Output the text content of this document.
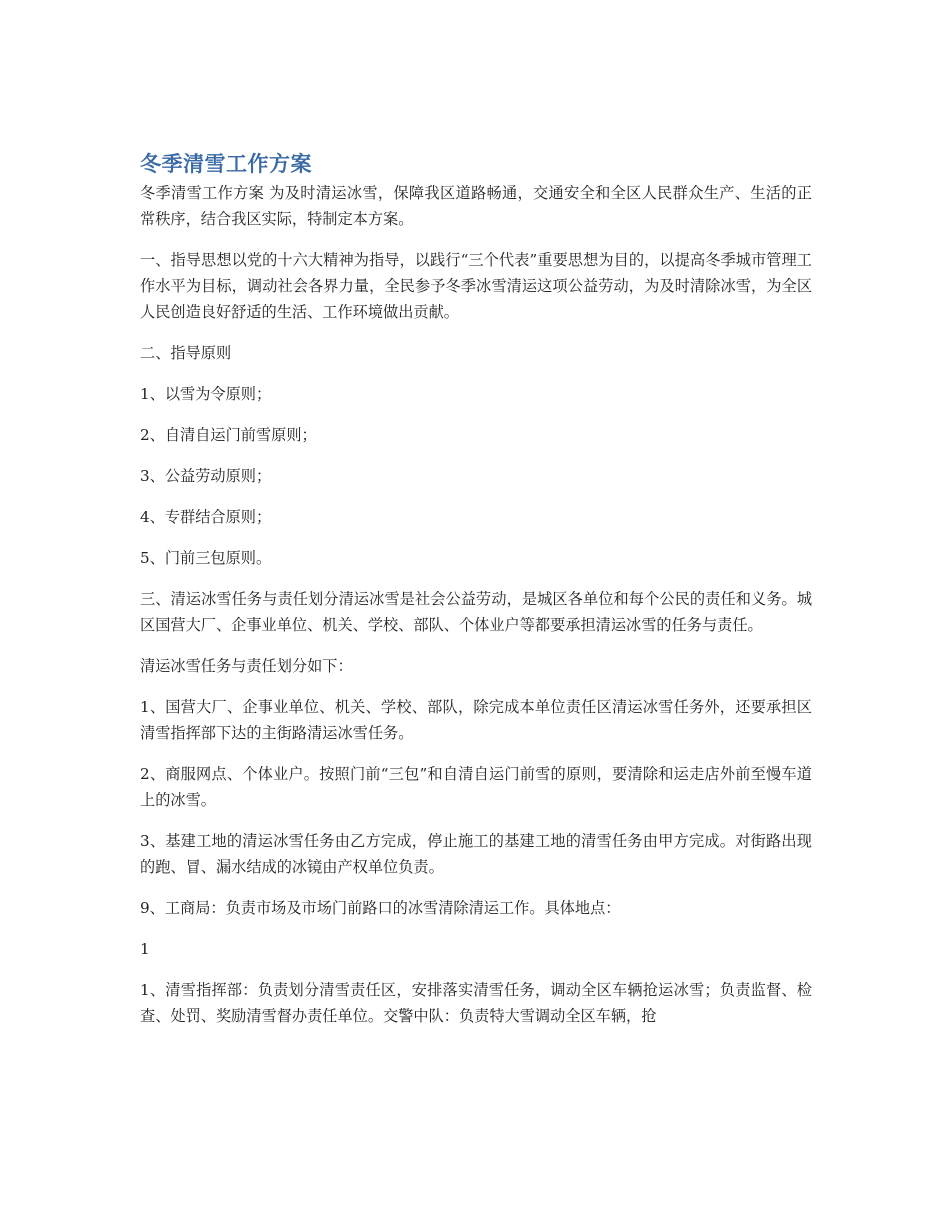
冬季清雪工作方案

冬季清雪工作方案 为及时清运冰雪，保障我区道路畅通，交通安全和全区人民群众生产、生活的正常秩序，结合我区实际，特制定本方案。

一、指导思想以党的十六大精神为指导，以践行“三个代表”重要思想为目的，以提高冬季城市管理工作水平为目标，调动社会各界力量，全民参予冬季冰雪清运这项公益劳动，为及时清除冰雪，为全区人民创造良好舒适的生活、工作环境做出贡献。

二、指导原则

1、以雪为令原则；

2、自清自运门前雪原则；

3、公益劳动原则；

4、专群结合原则；

5、门前三包原则。

三、清运冰雪任务与责任划分清运冰雪是社会公益劳动，是城区各单位和每个公民的责任和义务。城区国营大厂、企事业单位、机关、学校、部队、个体业户等都要承担清运冰雪的任务与责任。

清运冰雪任务与责任划分如下：

1、国营大厂、企事业单位、机关、学校、部队，除完成本单位责任区清运冰雪任务外，还要承担区清雪指挥部下达的主街路清运冰雪任务。

2、商服网点、个体业户。按照门前“三包”和自清自运门前雪的原则，要清除和运走店外前至慢车道上的冰雪。

3、基建工地的清运冰雪任务由乙方完成，停止施工的基建工地的清雪任务由甲方完成。对街路出现的跑、冒、漏水结成的冰镜由产权单位负责。

9、工商局：负责市场及市场门前路口的冰雪清除清运工作。具体地点：

1

1、清雪指挥部：负责划分清雪责任区，安排落实清雪任务，调动全区车辆抢运冰雪；负责监督、检查、处罚、奖励清雪督办责任单位。交警中队：负责特大雪调动全区车辆，抢
